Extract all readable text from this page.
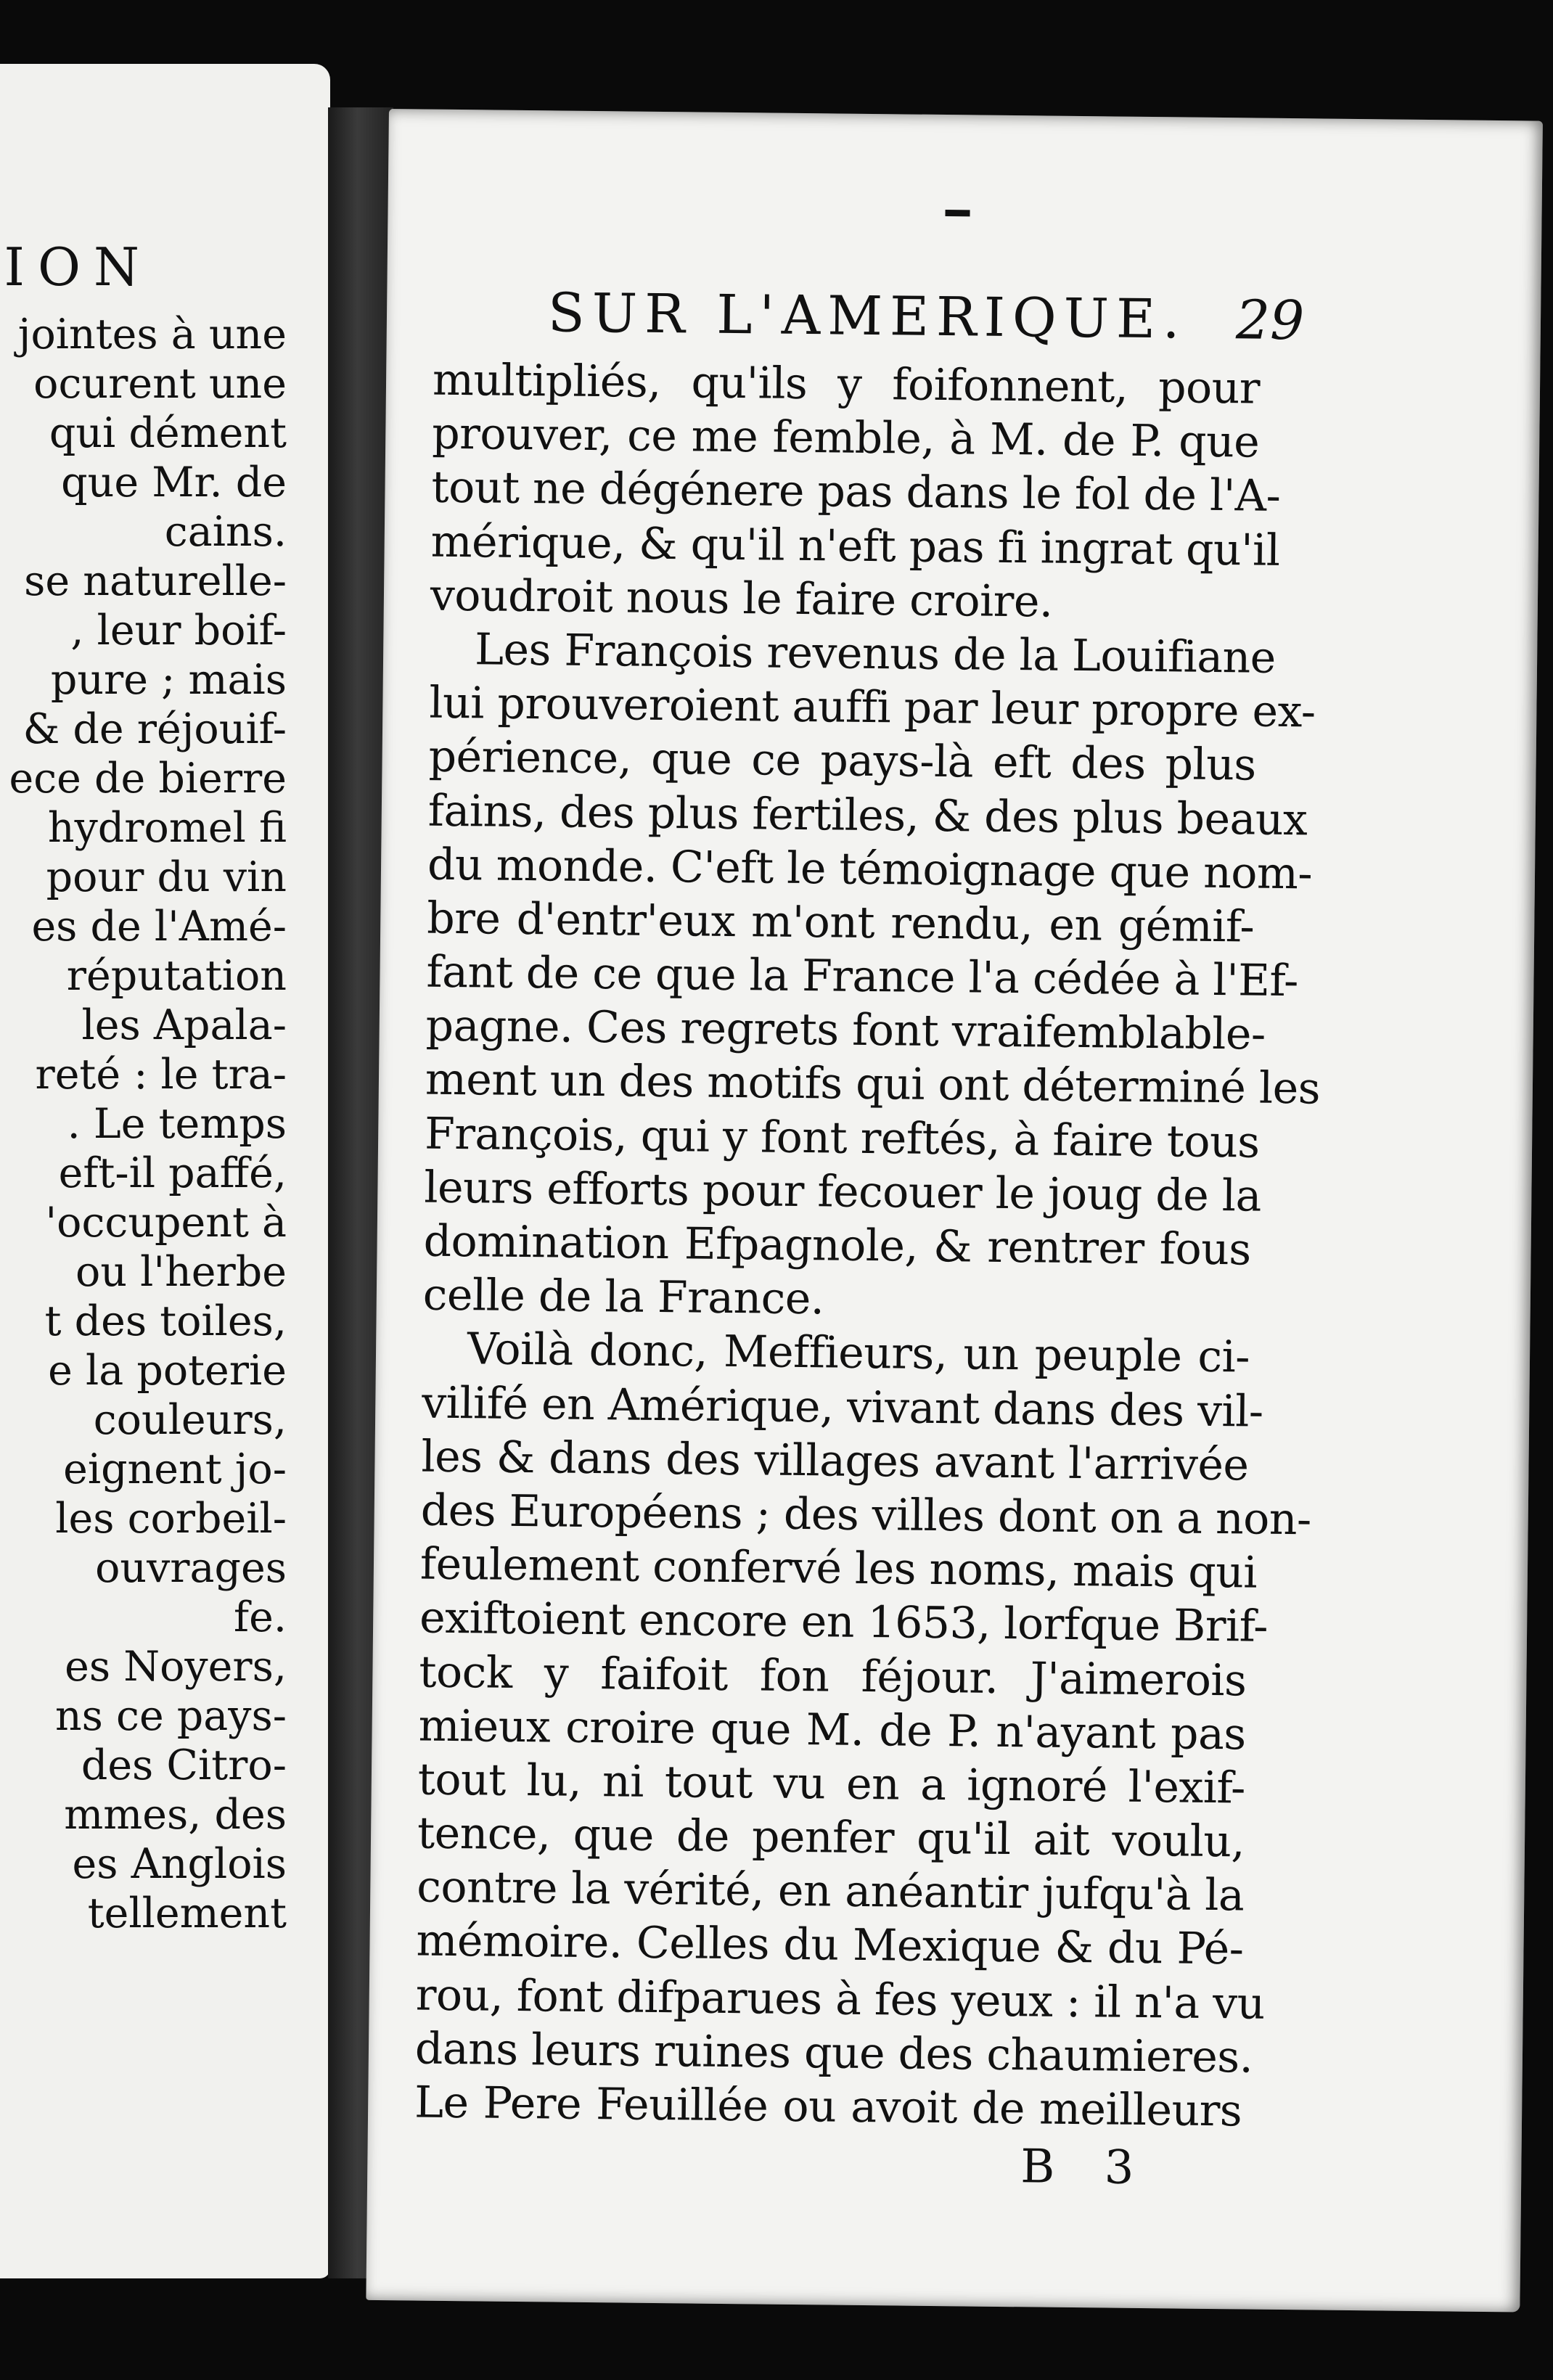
ION
jointes à une
ocurent une
qui dément
que Mr. de
cains.
se naturelle-
, leur boif-
pure ; mais
& de réjouif-
ece de bierre
hydromel fi
pour du vin
es de l'Amé-
réputation
les Apala-
reté : le tra-
. Le temps
eft-il paffé,
'occupent à
ou l'herbe
t des toiles,
e la poterie
couleurs,
eignent jo-
les corbeil-
ouvrages
fe.
es Noyers,
ns ce pays-
des Citro-
mmes, des
es Anglois
tellement
SUR L'AMERIQUE. 29
multipliés, qu'ils y foifonnent, pour
prouver, ce me femble, à M. de P. que
tout ne dégénere pas dans le fol de l'A-
mérique, & qu'il n'eft pas fi ingrat qu'il
voudroit nous le faire croire.
Les François revenus de la Louifiane
lui prouveroient auffi par leur propre ex-
périence, que ce pays-là eft des plus
fains, des plus fertiles, & des plus beaux
du monde. C'eft le témoignage que nom-
bre d'entr'eux m'ont rendu, en gémif-
fant de ce que la France l'a cédée à l'Ef-
pagne. Ces regrets font vraifemblable-
ment un des motifs qui ont déterminé les
François, qui y font reftés, à faire tous
leurs efforts pour fecouer le joug de la
domination Efpagnole, & rentrer fous
celle de la France.
Voilà donc, Meffieurs, un peuple ci-
vilifé en Amérique, vivant dans des vil-
les & dans des villages avant l'arrivée
des Européens ; des villes dont on a non-
feulement confervé les noms, mais qui
exiftoient encore en 1653, lorfque Brif-
tock y faifoit fon féjour. J'aimerois
mieux croire que M. de P. n'ayant pas
tout lu, ni tout vu en a ignoré l'exif-
tence, que de penfer qu'il ait voulu,
contre la vérité, en anéantir jufqu'à la
mémoire. Celles du Mexique & du Pé-
rou, font difparues à fes yeux : il n'a vu
dans leurs ruines que des chaumieres.
Le Pere Feuillée ou avoit de meilleurs
B 3
